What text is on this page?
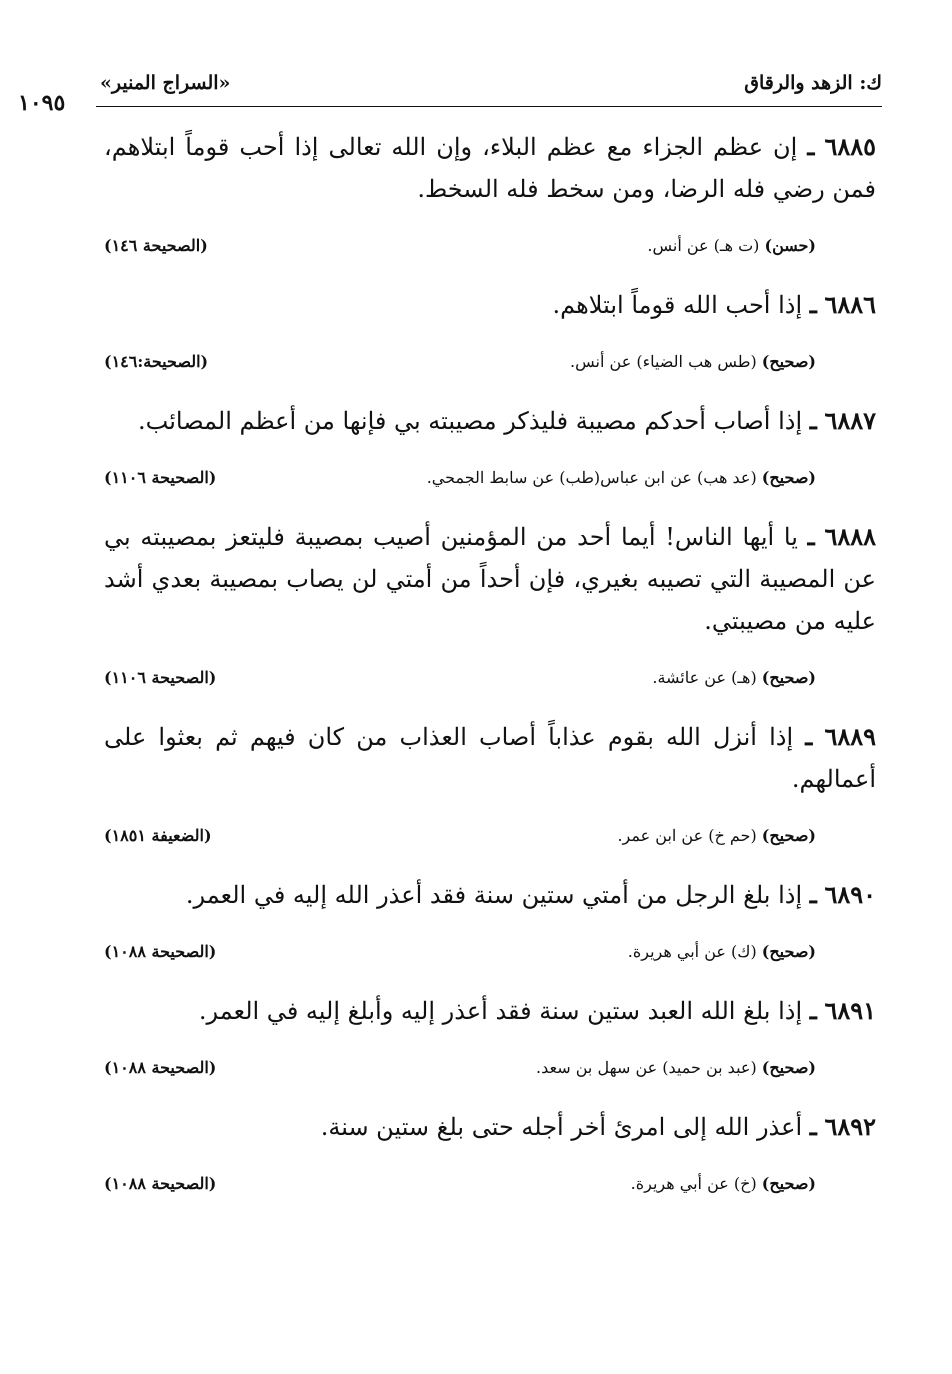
ك: الزهد والرقاق
«السراج المنير»
١٠٩٥

٦٨٨٥ ـ إن عظم الجزاء مع عظم البلاء، وإن الله تعالى إذا أحب قوماً ابتلاهم، فمن رضي فله الرضا، ومن سخط فله السخط.

(حسن) (ت هـ) عن أنس.
(الصحيحة ١٤٦)

٦٨٨٦ ـ إذا أحب الله قوماً ابتلاهم.

(صحيح) (طس هب الضياء) عن أنس.
(الصحيحة:١٤٦)

٦٨٨٧ ـ إذا أصاب أحدكم مصيبة فليذكر مصيبته بي فإنها من أعظم المصائب.

(صحيح) (عد هب) عن ابن عباس(طب) عن سابط الجمحي.
(الصحيحة ١١٠٦)

٦٨٨٨ ـ يا أيها الناس! أيما أحد من المؤمنين أصيب بمصيبة فليتعز بمصيبته بي عن المصيبة التي تصيبه بغيري، فإن أحداً من أمتي لن يصاب بمصيبة بعدي أشد عليه من مصيبتي.

(صحيح) (هـ) عن عائشة.
(الصحيحة ١١٠٦)

٦٨٨٩ ـ إذا أنزل الله بقوم عذاباً أصاب العذاب من كان فيهم ثم بعثوا على أعمالهم.

(صحيح) (حم خ) عن ابن عمر.
(الضعيفة ١٨٥١)

٦٨٩٠ ـ إذا بلغ الرجل من أمتي ستين سنة فقد أعذر الله إليه في العمر.

(صحيح) (ك) عن أبي هريرة.
(الصحيحة ١٠٨٨)

٦٨٩١ ـ إذا بلغ الله العبد ستين سنة فقد أعذر إليه وأبلغ إليه في العمر.

(صحيح) (عبد بن حميد) عن سهل بن سعد.
(الصحيحة ١٠٨٨)

٦٨٩٢ ـ أعذر الله إلى امرئ أخر أجله حتى بلغ ستين سنة.

(صحيح) (خ) عن أبي هريرة.
(الصحيحة ١٠٨٨)
